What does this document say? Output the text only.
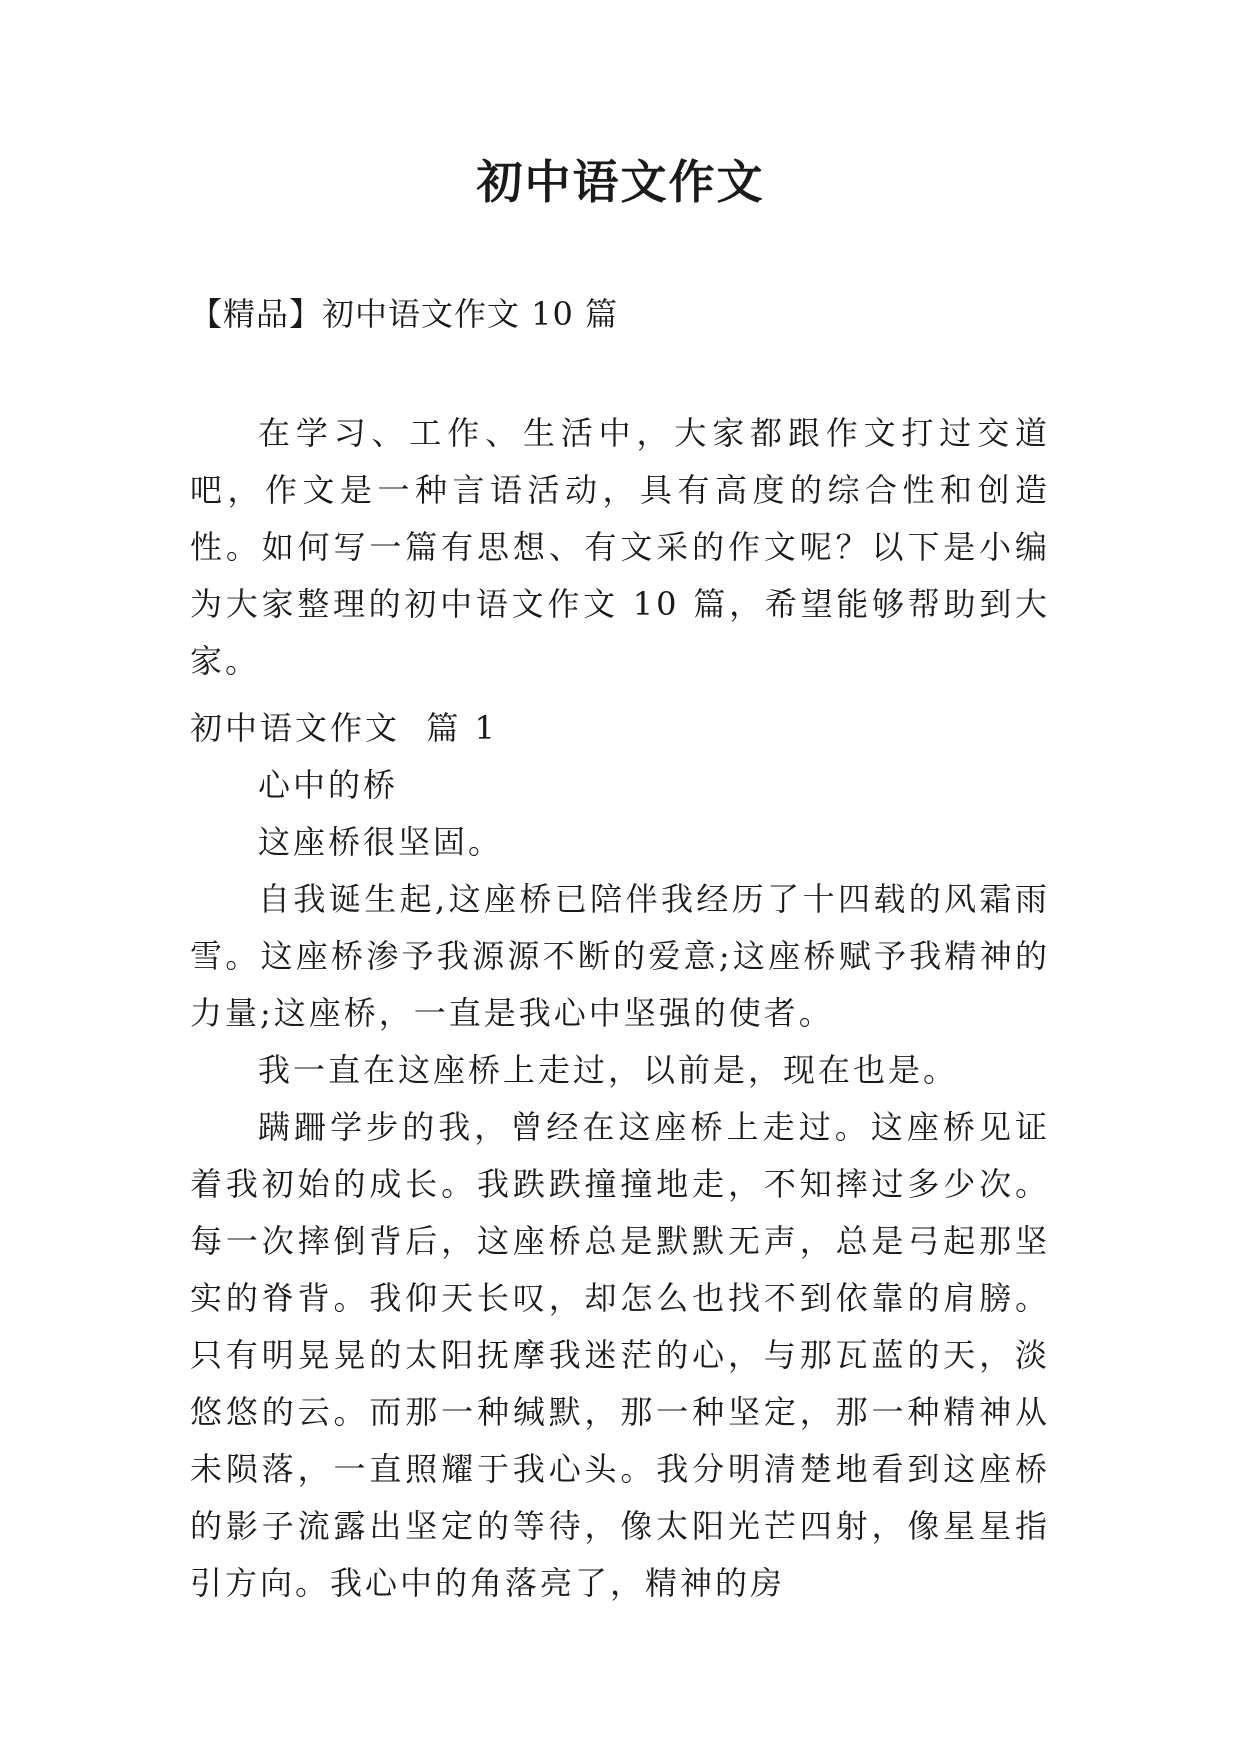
初中语文作文
【精品】初中语文作文 10 篇

在学习、工作、生活中，大家都跟作文打过交道吧，作文是一种言语活动，具有高度的综合性和创造性。如何写一篇有思想、有文采的作文呢？以下是小编为大家整理的初中语文作文 10 篇，希望能够帮助到大家。

初中语文作文  篇 1

心中的桥

这座桥很坚固。

自我诞生起,这座桥已陪伴我经历了十四载的风霜雨雪。这座桥渗予我源源不断的爱意;这座桥赋予我精神的力量;这座桥，一直是我心中坚强的使者。

我一直在这座桥上走过，以前是，现在也是。

蹒跚学步的我，曾经在这座桥上走过。这座桥见证着我初始的成长。我跌跌撞撞地走，不知摔过多少次。每一次摔倒背后，这座桥总是默默无声，总是弓起那坚实的脊背。我仰天长叹，却怎么也找不到依靠的肩膀。只有明晃晃的太阳抚摩我迷茫的心，与那瓦蓝的天，淡悠悠的云。而那一种缄默，那一种坚定，那一种精神从未陨落，一直照耀于我心头。我分明清楚地看到这座桥的影子流露出坚定的等待，像太阳光芒四射，像星星指引方向。我心中的角落亮了，精神的房
